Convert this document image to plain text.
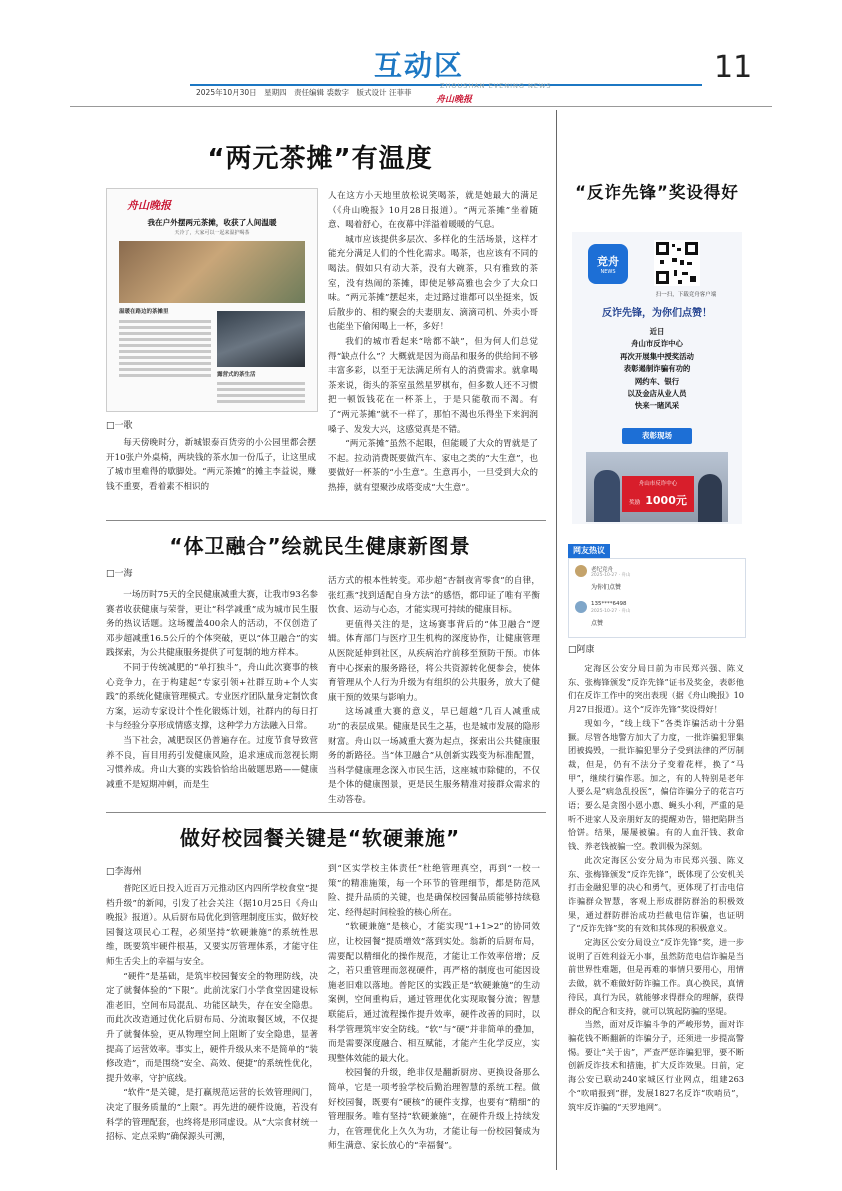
互动区	11
2025年10月30日　星期四　责任编辑 裘数字　版式设计 汪菲菲
ZHOUSHAN EVENING NEWS
舟山晚报
“两元茶摊”有温度
舟山晚报
我在户外摆两元茶摊，收获了人间温暖
天冷了，大家可以一起来温护喝茶
温暖在路边的茶摊里
露营式的茶生活
□一歌

每天傍晚时分，新城银泰百货旁的小公园里都会摆开10张户外桌椅，两块钱的茶水加一份瓜子，让这里成了城市里难得的歇脚处。“两元茶摊”的摊主李益说，赚钱不重要，看着素不相识的

人在这方小天地里放松说笑喝茶，就是她最大的满足（《舟山晚报》10月28日报道）。“两元茶摊”坐着随意、喝着舒心，在夜幕中洋溢着暖暖的气息。

城市应该提供多层次、多样化的生活场景，这样才能充分满足人们的个性化需求。喝茶，也应该有不同的喝法。假如只有动大茶，没有大碗茶，只有雅致的茶室，没有热闹的茶摊，即使足够高雅也会少了大众口味。“两元茶摊”摆起来，走过路过谁都可以坐挺来，饭后散步的、相约聚会的夫妻朋友、滴滴司机、外卖小哥也能坐下偷闲喝上一杯，多好！

我们的城市看起来“啥都不缺”，但为何人们总觉得“缺点什么”？大概就是因为商品和服务的供给间不够丰富多彩，以至于无法满足所有人的消费需求。就拿喝茶来说，街头的茶室虽然星罗棋布，但多数人还不习惯把一顿饭钱花在一杯茶上，于是只能敬而不渴。有了“两元茶摊”就不一样了，那怕不渴也乐得坐下来润润嗓子、发发大兴，这感觉真是不错。

“两元茶摊”虽然不起眼，但能暖了大众的胃就是了不起。拉动消费既要做汽车、家电之类的“大生意”，也要做好一杯茶的“小生意”。生意再小，一旦受到大众的热捧，就有望聚沙成塔变成“大生意”。

“体卫融合”绘就民生健康新图景
□一海

一场历时75天的全民健康减重大赛，让我市93名参赛者收获健康与荣誉，更让“科学减重”成为城市民生服务的热议话题。这场覆盖400余人的活动，不仅创造了邓步超减重16.5公斤的个体突破，更以“体卫融合”的实践探索，为公共健康服务提供了可复制的地方样本。

不同于传统减肥的“单打独斗”，舟山此次赛事的核心竞争力，在于构建起“专家引领+社群互助+个人实践”的系统化健康管理模式。专业医疗团队量身定制饮食方案，运动专家设计个性化锻炼计划，社群内的每日打卡与经验分享形成情感支撑，这种学力方法融入日常。

当下社会，减肥误区仍普遍存在。过度节食导致营养不良，盲目用药引发健康风险，追求速成而忽视长期习惯养成。舟山大赛的实践恰恰给出破题思路——健康减重不是短期冲刺，而是生

活方式的根本性转变。邓步超“杏制夜宵零食”的自律，张红燕“找到适配自身方法”的感悟，都印证了唯有平衡饮食、运动与心态，才能实现可持续的健康目标。

更值得关注的是，这场赛事背后的“体卫融合”逻辑。体育部门与医疗卫生机构的深度协作，让健康管理从医院延伸到社区，从疾病治疗前移至预防干预。市体育中心探索的服务路径，将公共资源转化便参会，使体育管理从个人行为升级为有组织的公共服务，放大了健康干预的效果与影响力。

这场减重大赛的意义，早已超越“几百人减重成功”的表层成果。健康是民生之基，也是城市发展的隐形财富。舟山以一场减重大赛为起点，探索出公共健康服务的新路径。当“体卫融合”从创新实践变为标准配置，当科学健康理念深入市民生活，这座城市除健的，不仅是个体的健康图景，更是民生服务精准对接群众需求的生动答卷。

做好校园餐关键是“软硬兼施”
□李海州

普陀区近日投入近百万元推动区内四所学校食堂“提档升级”的新闻，引发了社会关注（据10月25日《舟山晚报》报道）。从后厨布局优化到管理制度压实，做好校园餐这项民心工程，必须坚持“软硬兼施”的系统性思维，既要筑牢硬件根基，又要实厉管理体系，才能守住师生舌尖上的幸福与安全。

“硬件”是基础，是筑牢校园餐安全的物理防线，决定了就餐体验的“下限”。此前沈家门小学食堂因建设标准老旧，空间布局混乱、功能区缺失，存在安全隐患。而此次改造通过优化后厨布局、分流取餐区域，不仅提升了就餐体验，更从物理空间上阻断了安全隐患，显著提高了运营效率。事实上，硬件升级从来不是简单的“装修改造”，而是围绕“安全、高效、便捷”的系统性优化，提升效率，守护底线。

“软件”是关键，是打赢规范运营的长效管理阀门，决定了服务质量的“上限”。再先进的硬件设施，若没有科学的管理配套，也终将是形同虚设。从“大宗食材统一招标、定点采购”确保源头可溯，

到“区实学校主体责任”杜绝管理真空，再到“一校一策”的精准施策，每一个环节的管理细节，都是防范风险、提升品质的关键，也是确保校园餐品质能够持续稳定、经得起时间检验的核心所在。

“软硬兼施”是核心，才能实现“1+1>2”的协同效应，让校园餐“提质增效”落到实处。翁新的后厨布局，需要配以精细化的操作规范，才能让工作效率倍增；反之，若只重管理而忽视硬件，再严格的制度也可能因设施老旧难以落地。普陀区的实践正是“软硬兼施”的生动案例，空间重构后，通过管理优化实现取餐分流；智慧联能后，通过流程操作提升效率，硬件改善的同时，以科学管理筑牢安全防线。“软”与“硬”并非简单的叠加，而是需要深度融合、相互赋能，才能产生化学反应，实现整体效能的最大化。

校园餐的升级，绝非仅是翻新厨房、更换设备那么简单，它是一项考验学校后勤治理智慧的系统工程。做好校园餐，既要有“硬核”的硬件支撑，也要有“精细”的管理服务。唯有坚持“软硬兼施”，在硬件升级上持续发力，在管理优化上久久为功，才能让每一份校园餐成为师生满意、家长放心的“幸福餐”。

“反诈先锋”奖设得好
竞舟
NEWS
扫一扫，下载竞舟客户端
反诈先锋，为你们点赞！
近日
舟山市反诈中心
再次开展集中授奖活动
表彰遏制诈骗有功的
网约车、银行
以及金店从业人员
快来一睹风采
表彰现场
舟山市反诈中心
奖励 1000元
网友热议
老纪竞舟
2025-10-27 · 舟山
为你们点赞
135****6498
2025-10-27 · 舟山
点赞
□阿康

定海区公安分局日前为市民郑兴强、陈义东、张梅锋颁发“反诈先锋”证书及奖金，表彰他们在反诈工作中的突出表现（据《舟山晚报》10月27日报道）。这个“反诈先锋”奖设得好！

现如今，“线上线下”各类诈骗活动十分猖獗。尽管各地警方加大了力度，一批诈骗犯罪集团被捣毁，一批诈骗犯罪分子受到法律的严厉制裁，但是，仍有不法分子变着花样，换了“马甲”，继续行骗作恶。加之，有的人特别是老年人要么是“病急乱投医”，偏信诈骗分子的花言巧语；要么是贪图小恩小惠、蝇头小利，严重的是听不进家人及亲朋好友的提醒劝告，错把陷阱当恰饼。结果，屡屡被骗。有的人血汗钱、救命钱、养老钱被骗一空。教训极为深刻。

此次定海区公安分局为市民郑兴强、陈义东、张梅锋颁发“反诈先锋”，既体现了公安机关打击金融犯罪的决心和勇气，更体现了打击电信诈骗群众智慧，客观上形成群防群治的积极效果，通过群防群治成功拦截电信诈骗，也证明了“反诈先锋”奖的有效和其体现的积极意义。

定海区公安分局设立“反诈先锋”奖，进一步说明了百姓利益无小事，虽然防范电信诈骗是当前世界性难题，但是再难的事情只要用心，用情去做，就不难做好防诈骗工作。真心换民，真情待民，真行为民，就能够求得群众的理解，获得群众的配合和支持，就可以筑起防骗的坚堤。

当然，面对反诈骗斗争的严峻形势，面对诈骗花钱不断翻新的诈骗分子，还须进一步提高警惕。要让“关于齿”，严查严惩诈骗犯罪，要不断创新反诈技术和措施，扩大反诈效果。日前，定海公安已联动240家城区行业网点，组建263个“吹哨报到”群，发展1827名反诈“吹哨员”，筑牢反诈骗的“天罗地网”。
